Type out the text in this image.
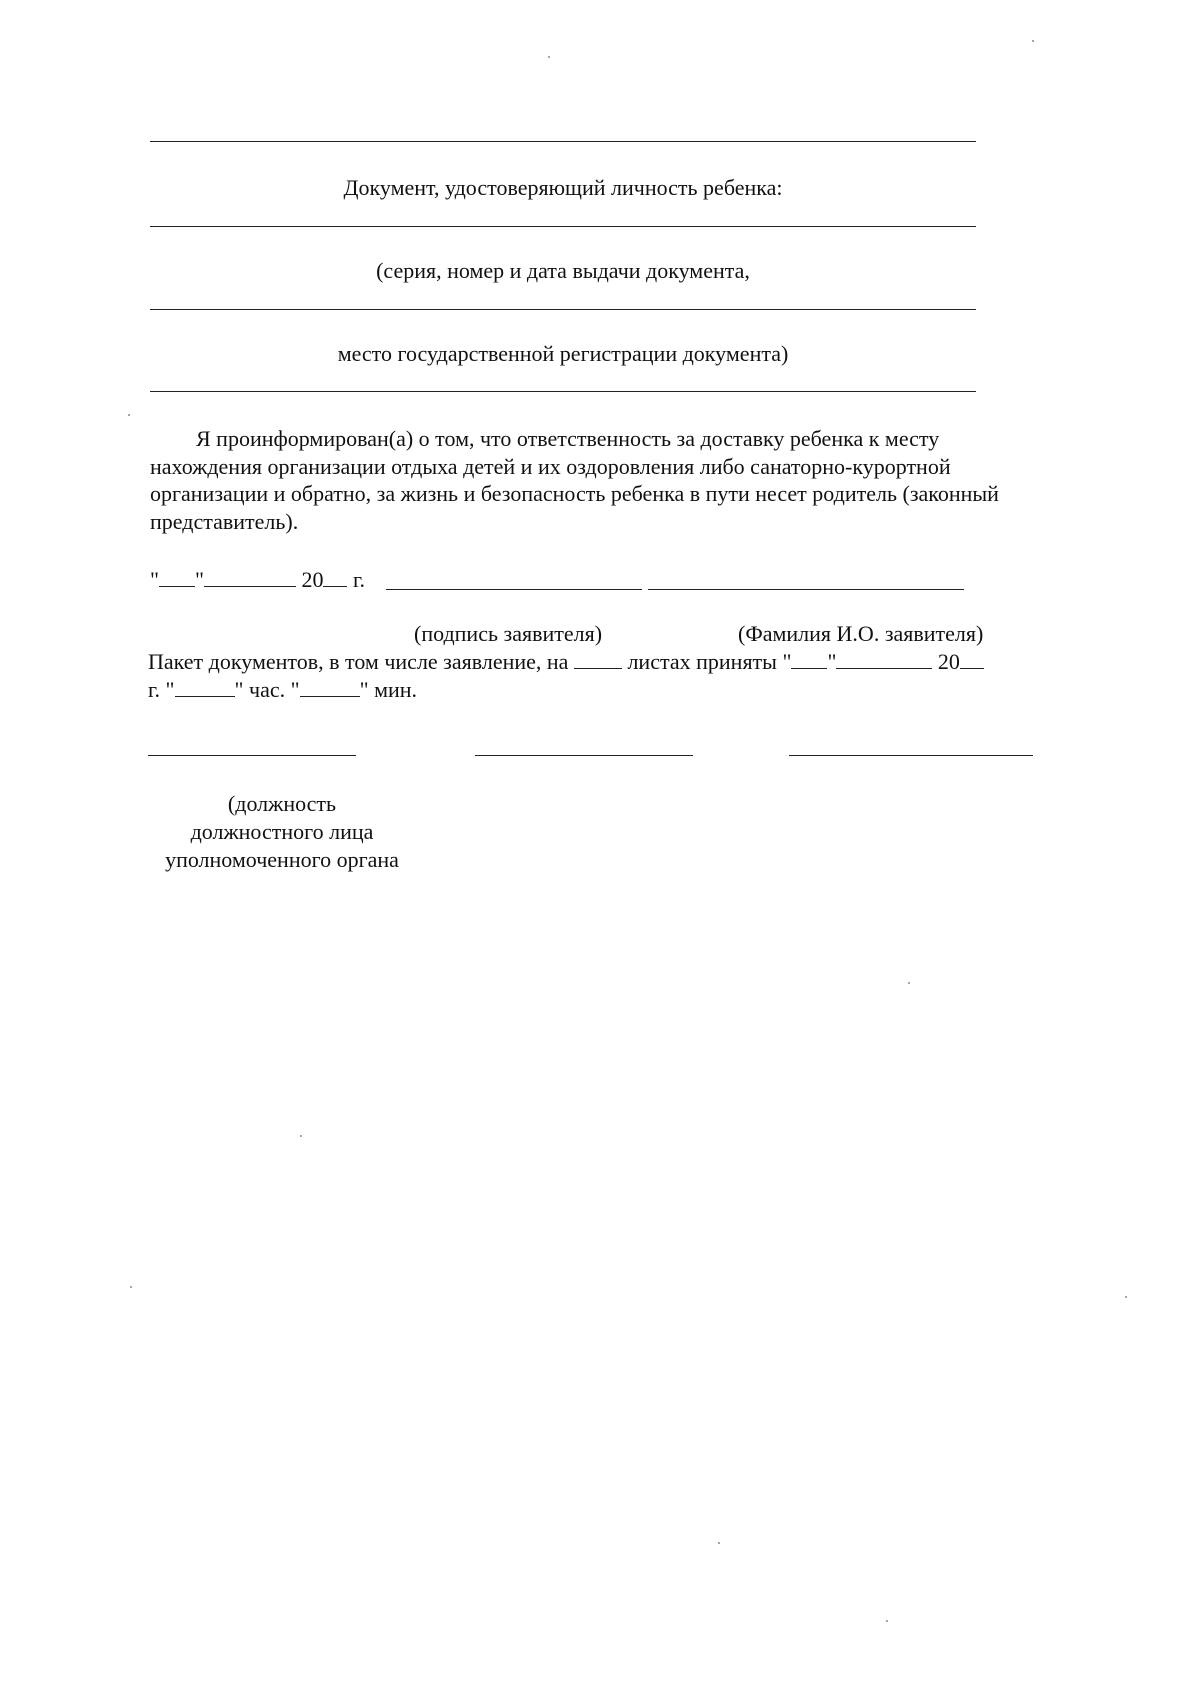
Документ, удостоверяющий личность ребенка:
(серия, номер и дата выдачи документа,
место государственной регистрации документа)
Я проинформирован(а) о том, что ответственность за доставку ребенка к месту нахождения организации отдыха детей и их оздоровления либо санаторно-курортной организации и обратно, за жизнь и безопасность ребенка в пути несет родитель (законный представитель).
" "	20 г.
(подпись заявителя)	(Фамилия И.О. заявителя)
Пакет документов, в том числе заявление, на	листах приняты " "	20
г. "	" час. "	" мин.
(должность
должностного лица
уполномоченного органа
